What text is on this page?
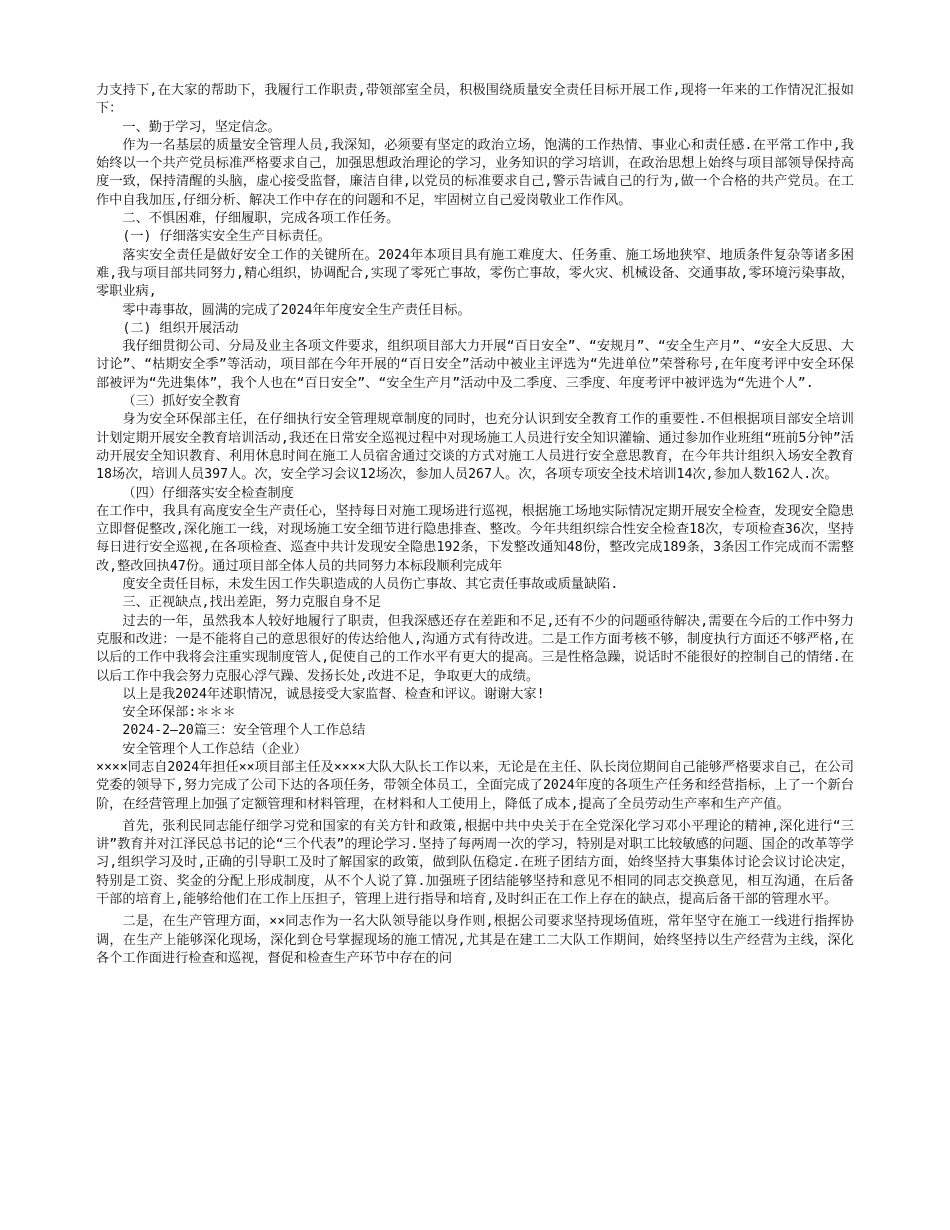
力支持下,在大家的帮助下，我履行工作职责,带领部室全员，积极围绕质量安全责任目标开展工作,现将一年来的工作情况汇报如下：

一、勤于学习，坚定信念。

作为一名基层的质量安全管理人员,我深知，必须要有坚定的政治立场，饱满的工作热情、事业心和责任感.在平常工作中,我始终以一个共产党员标准严格要求自己，加强思想政治理论的学习，业务知识的学习培训，在政治思想上始终与项目部领导保持高度一致，保持清醒的头脑，虚心接受监督，廉洁自律,以党员的标准要求自己,警示告诫自己的行为,做一个合格的共产党员。在工作中自我加压,仔细分析、解决工作中存在的问题和不足，牢固树立自己爱岗敬业工作作风。

二、不惧困难，仔细履职，完成各项工作任务。

(一) 仔细落实安全生产目标责任。

落实安全责任是做好安全工作的关键所在。2024年本项目具有施工难度大、任务重、施工场地狭窄、地质条件复杂等诸多困难,我与项目部共同努力,精心组织，协调配合,实现了零死亡事故，零伤亡事故，零火灾、机械设备、交通事故,零环境污染事故，零职业病,

零中毒事故，圆满的完成了2024年年度安全生产责任目标。

(二) 组织开展活动

我仔细贯彻公司、分局及业主各项文件要求，组织项目部大力开展“百日安全”、“安规月”、“安全生产月”、“安全大反思、大讨论”、“枯期安全季”等活动，项目部在今年开展的“百日安全”活动中被业主评选为“先进单位”荣誉称号,在年度考评中安全环保部被评为“先进集体”，我个人也在“百日安全”、“安全生产月”活动中及二季度、三季度、年度考评中被评选为“先进个人”.

（三）抓好安全教育

身为安全环保部主任，在仔细执行安全管理规章制度的同时，也充分认识到安全教育工作的重要性.不但根据项目部安全培训计划定期开展安全教育培训活动,我还在日常安全巡视过程中对现场施工人员进行安全知识灌输、通过参加作业班组“班前5分钟”活动开展安全知识教育、利用休息时间在施工人员宿舍通过交谈的方式对施工人员进行安全意思教育，在今年共计组织入场安全教育18场次，培训人员397人。次，安全学习会议12场次，参加人员267人。次，各项专项安全技术培训14次,参加人数162人.次。

（四）仔细落实安全检查制度

在工作中，我具有高度安全生产责任心，坚持每日对施工现场进行巡视，根据施工场地实际情况定期开展安全检查，发现安全隐患立即督促整改,深化施工一线，对现场施工安全细节进行隐患排查、整改。今年共组织综合性安全检查18次，专项检查36次，坚持每日进行安全巡视,在各项检查、巡查中共计发现安全隐患192条，下发整改通知48份，整改完成189条，3条因工作完成而不需整改,整改回执47份。通过项目部全体人员的共同努力本标段顺利完成年

度安全责任目标，未发生因工作失职造成的人员伤亡事故、其它责任事故或质量缺陷.

三、正视缺点,找出差距，努力克服自身不足

过去的一年，虽然我本人较好地履行了职责，但我深感还存在差距和不足,还有不少的问题亟待解决,需要在今后的工作中努力克服和改进：一是不能将自己的意思很好的传达给他人,沟通方式有待改进。二是工作方面考核不够，制度执行方面还不够严格,在以后的工作中我将会注重实现制度管人,促使自己的工作水平有更大的提高。三是性格急躁，说话时不能很好的控制自己的情绪.在以后工作中我会努力克服心浮气躁、发扬长处,改进不足，争取更大的成绩。

以上是我2024年述职情况，诚恳接受大家监督、检查和评议。谢谢大家!

安全环保部:＊＊＊

2024-2—20篇三：安全管理个人工作总结

安全管理个人工作总结（企业）

××××同志自2024年担任××项目部主任及××××大队大队长工作以来，无论是在主任、队长岗位期间自己能够严格要求自己，在公司党委的领导下,努力完成了公司下达的各项任务，带领全体员工，全面完成了2024年度的各项生产任务和经营指标，上了一个新台阶，在经营管理上加强了定额管理和材料管理，在材料和人工使用上，降低了成本,提高了全员劳动生产率和生产产值。

首先，张利民同志能仔细学习党和国家的有关方针和政策,根据中共中央关于在全党深化学习邓小平理论的精神,深化进行“三讲”教育并对江泽民总书记的论“三个代表”的理论学习.坚持了每两周一次的学习，特别是对职工比较敏感的问题、国企的改革等学习,组织学习及时,正确的引导职工及时了解国家的政策，做到队伍稳定.在班子团结方面，始终坚持大事集体讨论会议讨论决定，特别是工资、奖金的分配上形成制度，从不个人说了算.加强班子团结能够坚持和意见不相同的同志交换意见，相互沟通，在后备干部的培育上,能够给他们在工作上压担子，管理上进行指导和培育,及时纠正在工作上存在的缺点，提高后备干部的管理水平。

二是，在生产管理方面，××同志作为一名大队领导能以身作则,根据公司要求坚持现场值班，常年坚守在施工一线进行指挥协调，在生产上能够深化现场，深化到仓号掌握现场的施工情况,尤其是在建工二大队工作期间，始终坚持以生产经营为主线，深化各个工作面进行检查和巡视，督促和检查生产环节中存在的问
